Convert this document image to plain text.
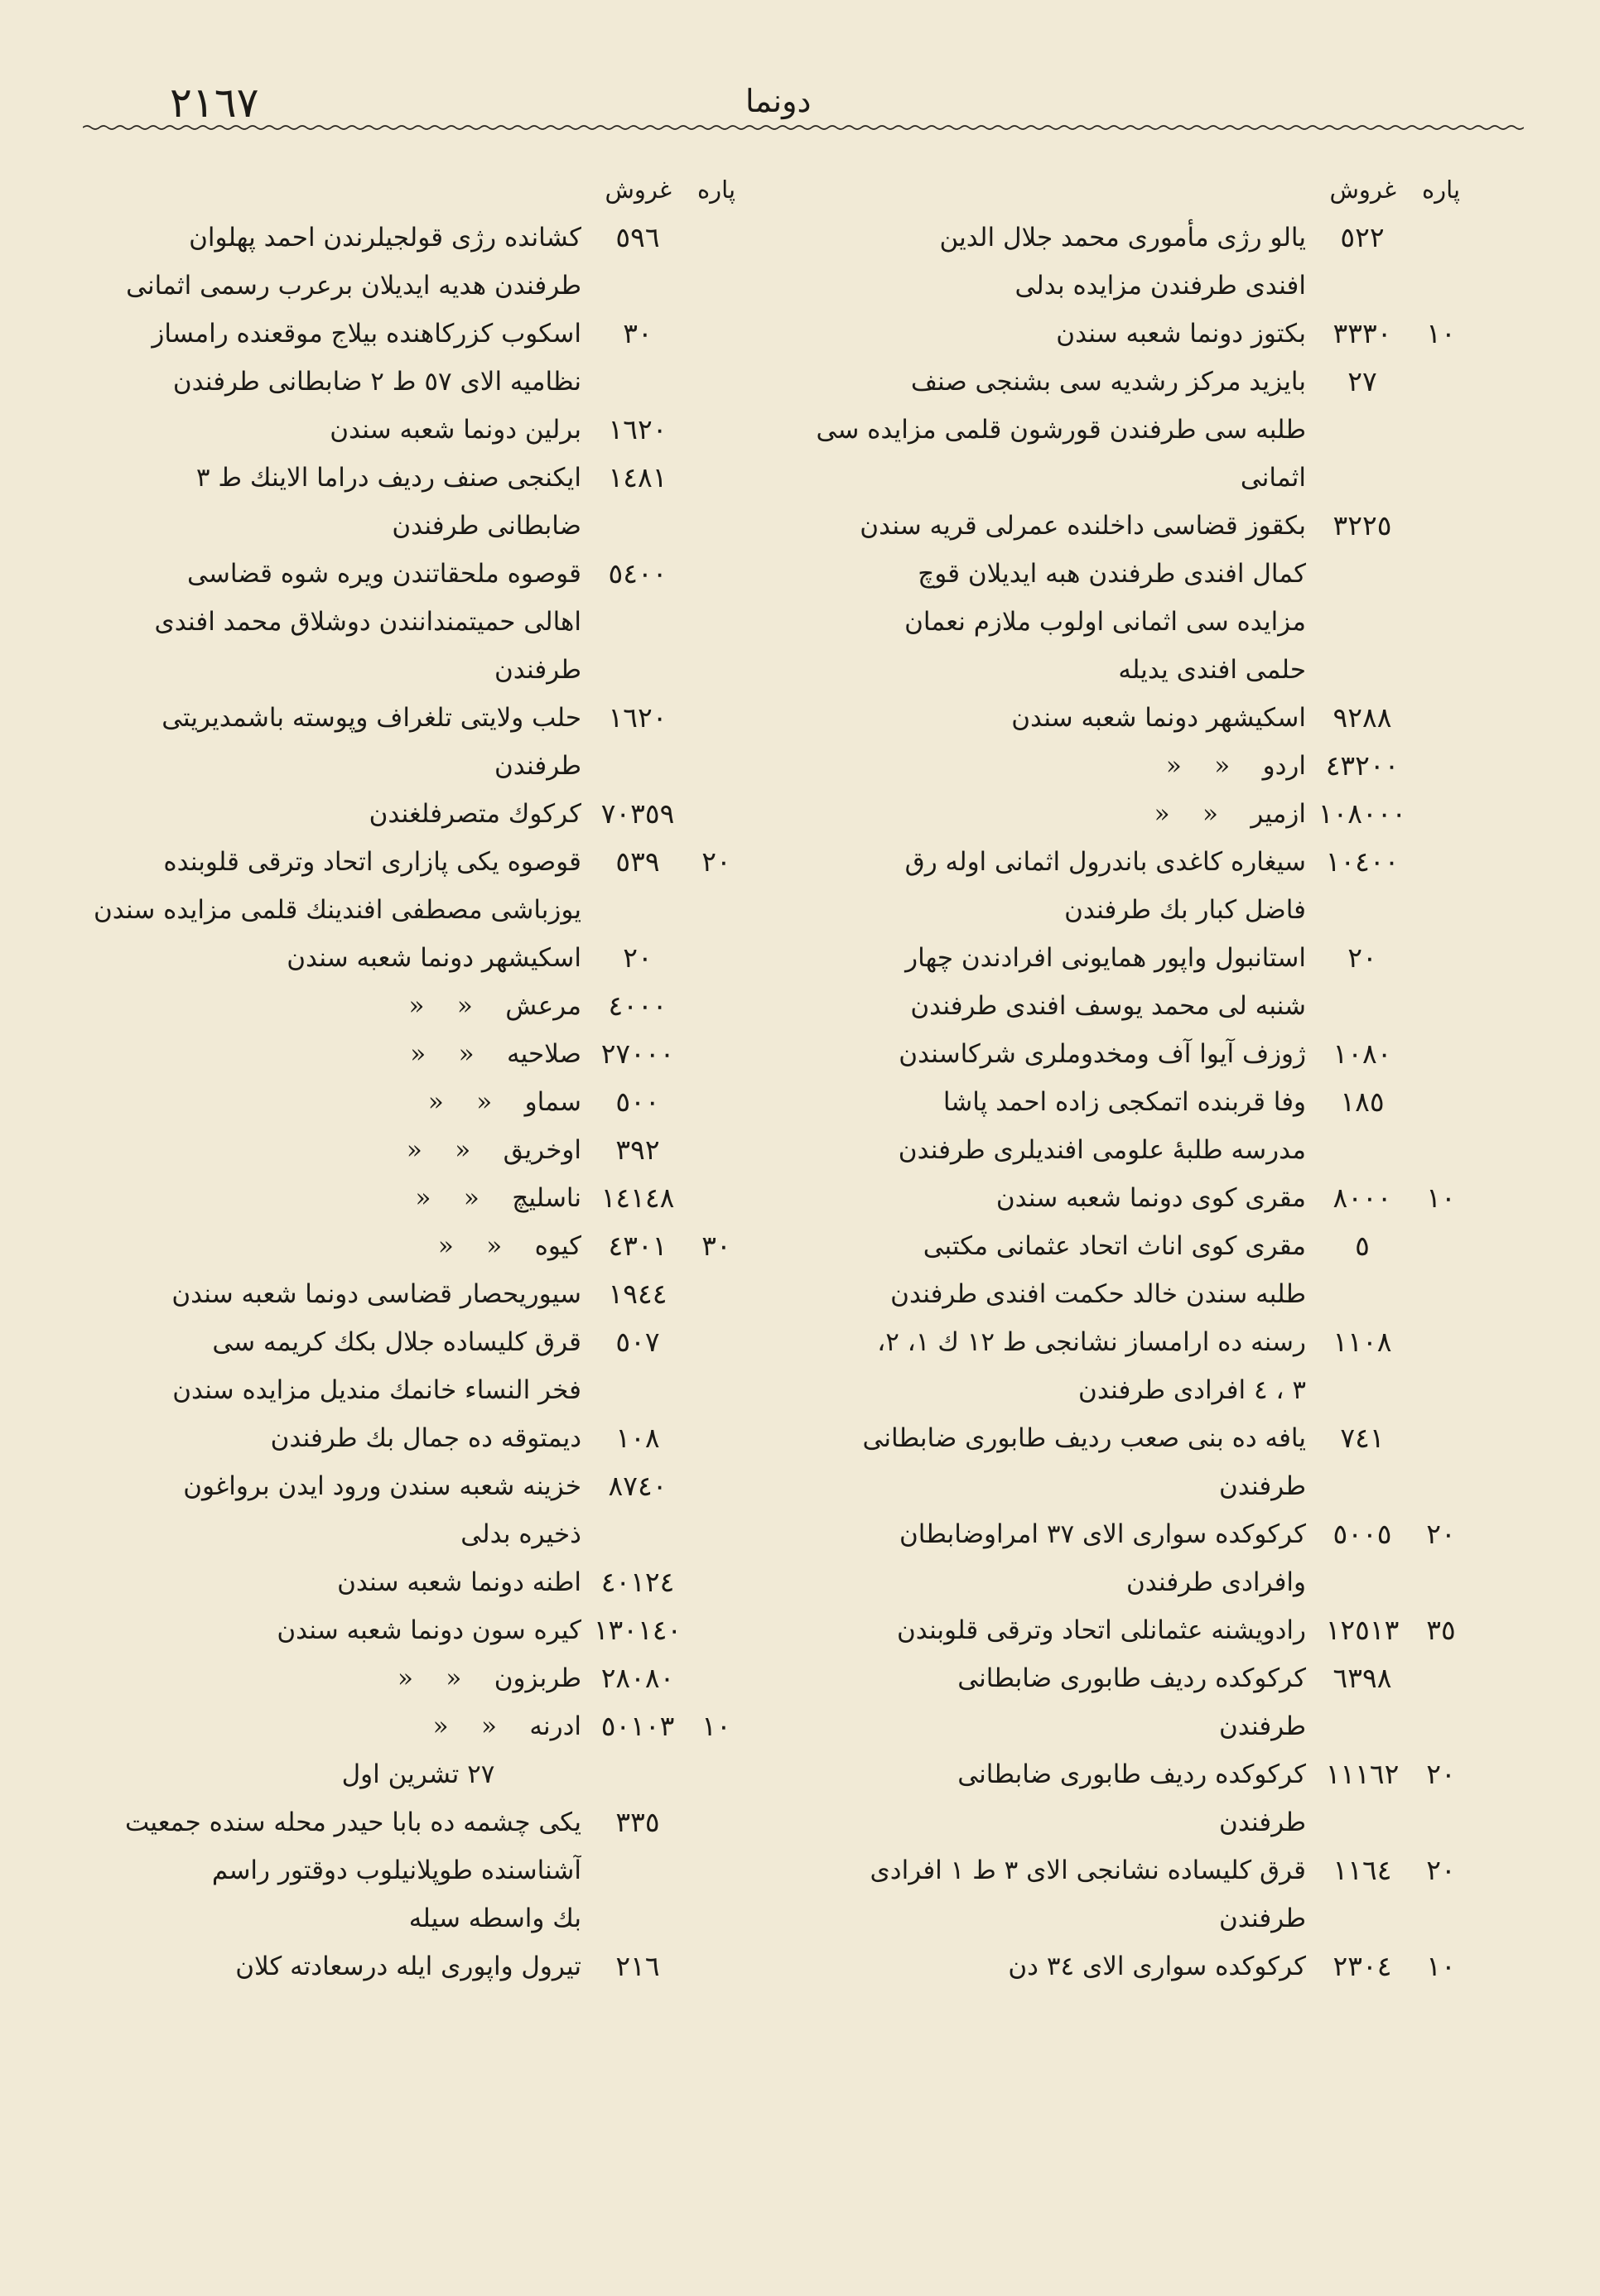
٢١٦٧	دونما
پاره غروش
٥٢٢
يالو رژی مأموری محمد جلال الدين
افندی طرفندن مزايده بدلی
١٠
٣٣٣٠
بكتوز دونما شعبه سندن
٢٧
بايزيد مركز رشديه سی بشنجی صنف
طلبه سی طرفندن قورشون قلمی مزايده سی
اثمانی
٣٢٢٥
بكقوز قضاسی داخلنده عمرلی قريه سندن
كمال افندی طرفندن هبه ايديلان قوچ
مزايده سی اثمانی اولوب ملازم نعمان
حلمی افندی يديله
٩٢٨٨
اسكيشهر دونما شعبه سندن
٤٣٢٠٠
اردو    «    «
١٠٨٠٠٠
ازمير    «    «
١٠٤٠٠
سيغاره كاغدی باندرول اثمانی اوله رق
فاضل كبار بك طرفندن
٢٠
استانبول واپور همايونی افرادندن چهار
شنبه لی محمد يوسف افندی طرفندن
١٠٨٠
ژوزف آيوا آف ومخدوملری شركاسندن
١٨٥
وفا قربنده اتمكجی زاده احمد پاشا
مدرسه طلبهٔ علومی افنديلری طرفندن
١٠
٨٠٠٠
مقری كوی دونما شعبه سندن
٥
مقری كوی اناث اتحاد عثمانی مكتبی
طلبه سندن خالد حكمت افندی طرفندن
١١٠٨
رسنه ده ارامساز نشانجی ط ١٢ ك ١، ٢،
٣ ، ٤ افرادی طرفندن
٧٤١
يافه ده بنی صعب رديف طابوری ضابطانی
طرفندن
٢٠
٥٠٠٥
كركوكده سواری الای ٣٧ امراوضابطان
وافرادی طرفندن
٣٥
١٢٥١٣
رادويشنه عثمانلی اتحاد وترقی قلوبندن
٦٣٩٨
كركوكده رديف طابوری ضابطانی
طرفندن
٢٠
١١١٦٢
كركوكده رديف طابوری ضابطانی
طرفندن
٢٠
١١٦٤
قرق كليساده نشانجی الای ٣ ط ١ افرادی
طرفندن
١٠
٢٣٠٤
كركوكده سواری الای ٣٤ دن
پاره غروش
٥٩٦
كشانده رژی قولجيلرندن احمد پهلوان
طرفندن هديه ايديلان برعرب رسمی اثمانی
٣٠
اسكوب كزركاهنده بيلاج موقعنده رامساز
نظاميه الای ٥٧ ط ٢ ضابطانی طرفندن
١٦٢٠
برلين دونما شعبه سندن
١٤٨١
ايكنجی صنف رديف دراما الاينك ط ٣
ضابطانی طرفندن
٥٤٠٠
قوصوه ملحقاتندن ويره شوه قضاسی
اهالی حميتمندانندن دوشلاق محمد افندی
طرفندن
١٦٢٠
حلب ولايتی تلغراف وپوسته باشمديريتی
طرفندن
٧٠٣٥٩
كركوك متصرفلغندن
٢٠
٥٣٩
قوصوه يكی پازاری اتحاد وترقی قلوبنده
يوزباشی مصطفی افندينك قلمی مزايده سندن
٢٠
اسكيشهر دونما شعبه سندن
٤٠٠٠
مرعش    «    «
٢٧٠٠٠
صلاحيه    «    «
٥٠٠
سماو    «    «
٣٩٢
اوخريق    «    «
١٤١٤٨
ناسليچ    «    «
٣٠
٤٣٠١
كيوه    «    «
١٩٤٤
سيوريحصار قضاسی دونما شعبه سندن
٥٠٧
قرق كليساده جلال بكك كريمه سی
فخر النساء خانمك منديل مزايده سندن
١٠٨
ديمتوقه ده جمال بك طرفندن
٨٧٤٠
خزينه شعبه سندن ورود ايدن برواغون
ذخيره بدلی
٤٠١٢٤
اطنه دونما شعبه سندن
١٣٠١٤٠
كيره سون دونما شعبه سندن
٢٨٠٨٠
طربزون    «    «
١٠
٥٠١٠٣
ادرنه    «    «
٢٧ تشرين اول
٣٣٥
يكی چشمه ده بابا حيدر محله سنده جمعيت
آشناسنده طوپلانيلوب دوقتور راسم
بك واسطه سيله
٢١٦
تيرول واپوری ايله درسعادته كلان
